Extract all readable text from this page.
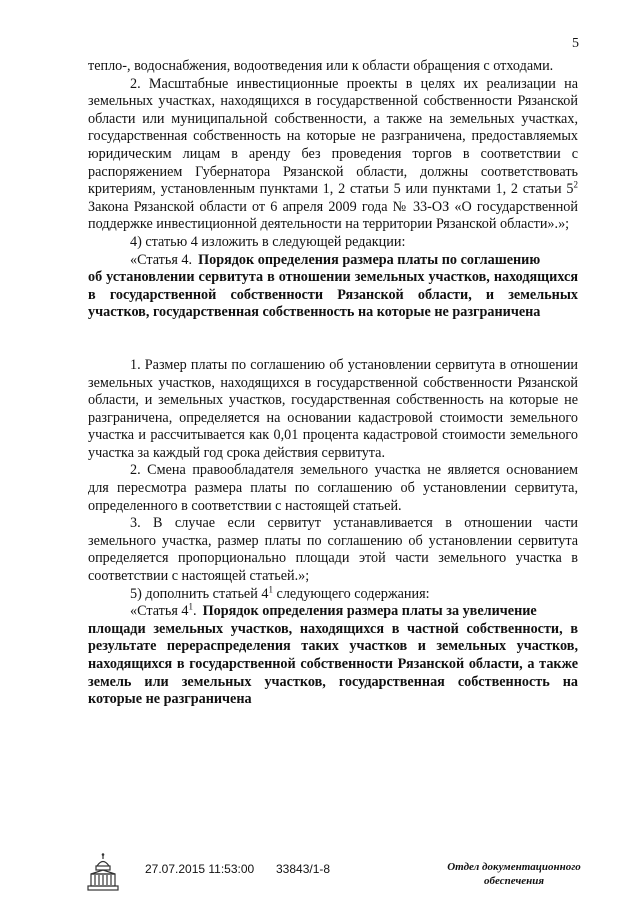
5

тепло-, водоснабжения, водоотведения или к области обращения с отходами.

2. Масштабные инвестиционные проекты в целях их реализации на земельных участках, находящихся в государственной собственности Рязанской области или муниципальной собственности, а также на земельных участках, государственная собственность на которые не разграничена, предоставляемых юридическим лицам в аренду без проведения торгов в соответствии с распоряжением Губернатора Рязанской области, должны соответствовать критериям, установленным пунктами 1, 2 статьи 5 или пунктами 1, 2 статьи $5^2$ Закона Рязанской области от 6 апреля 2009 года № 33-ОЗ «О государственной поддержке инвестиционной деятельности на территории Рязанской области».»;

4) статью 4 изложить в следующей редакции:

«Статья 4. Порядок определения размера платы по соглашению

об установлении сервитута в отношении земельных участков, находящихся в государственной собственности Рязанской области, и земельных участков, государственная собственность на которые не разграничена

1. Размер платы по соглашению об установлении сервитута в отношении земельных участков, находящихся в государственной собственности Рязанской области, и земельных участков, государственная собственность на которые не разграничена, определяется на основании кадастровой стоимости земельного участка и рассчитывается как 0,01 процента кадастровой стоимости земельного участка за каждый год срока действия сервитута.

2. Смена правообладателя земельного участка не является основанием для пересмотра размера платы по соглашению об установлении сервитута, определенного в соответствии с настоящей статьей.

3. В случае если сервитут устанавливается в отношении части земельного участка, размер платы по соглашению об установлении сервитута определяется пропорционально площади этой части земельного участка в соответствии с настоящей статьей.»;

5) дополнить статьей $4^1$ следующего содержания:

«Статья $4^1$. Порядок определения размера платы за увеличение

площади земельных участков, находящихся в частной собственности, в результате перераспределения таких участков и земельных участков, находящихся в государственной собственности Рязанской области, а также земель или земельных участков, государственная собственность на которые не разграничена

27.07.2015 11:53:00 33843/1-8	Отдел документационного
обеспечения
